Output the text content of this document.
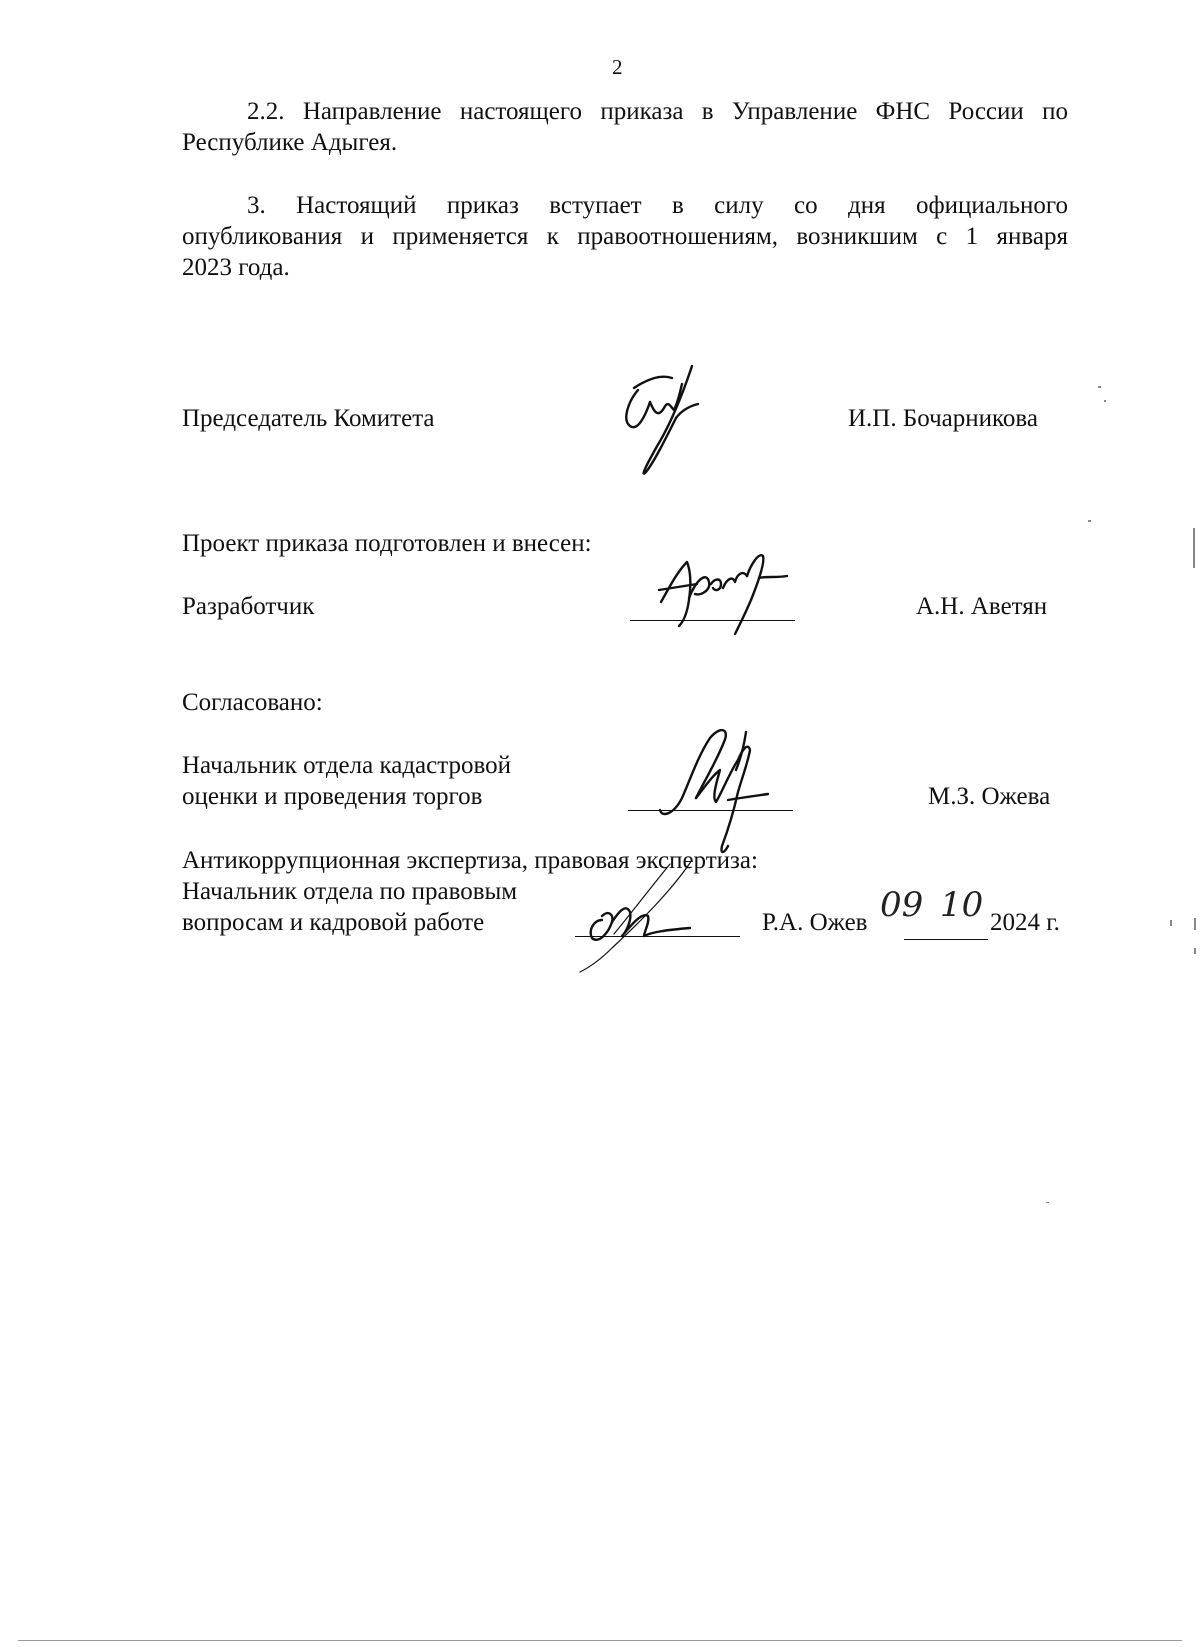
2
2.2. Направление настоящего приказа в Управление ФНС России по
Республике Адыгея.
3. Настоящий приказ вступает в силу со дня официального
опубликования и применяется к правоотношениям, возникшим с 1 января
2023 года.
Председатель Комитета	И.П. Бочарникова
Проект приказа подготовлен и внесен:
Разработчик	А.Н. Аветян
Согласовано:
Начальник отдела кадастровой
оценки и проведения торгов	М.З. Ожева
Антикоррупционная экспертиза, правовая экспертиза:
Начальник отдела по правовым
вопросам и кадровой работе	Р.А. Ожев 09 10 2024 г.
